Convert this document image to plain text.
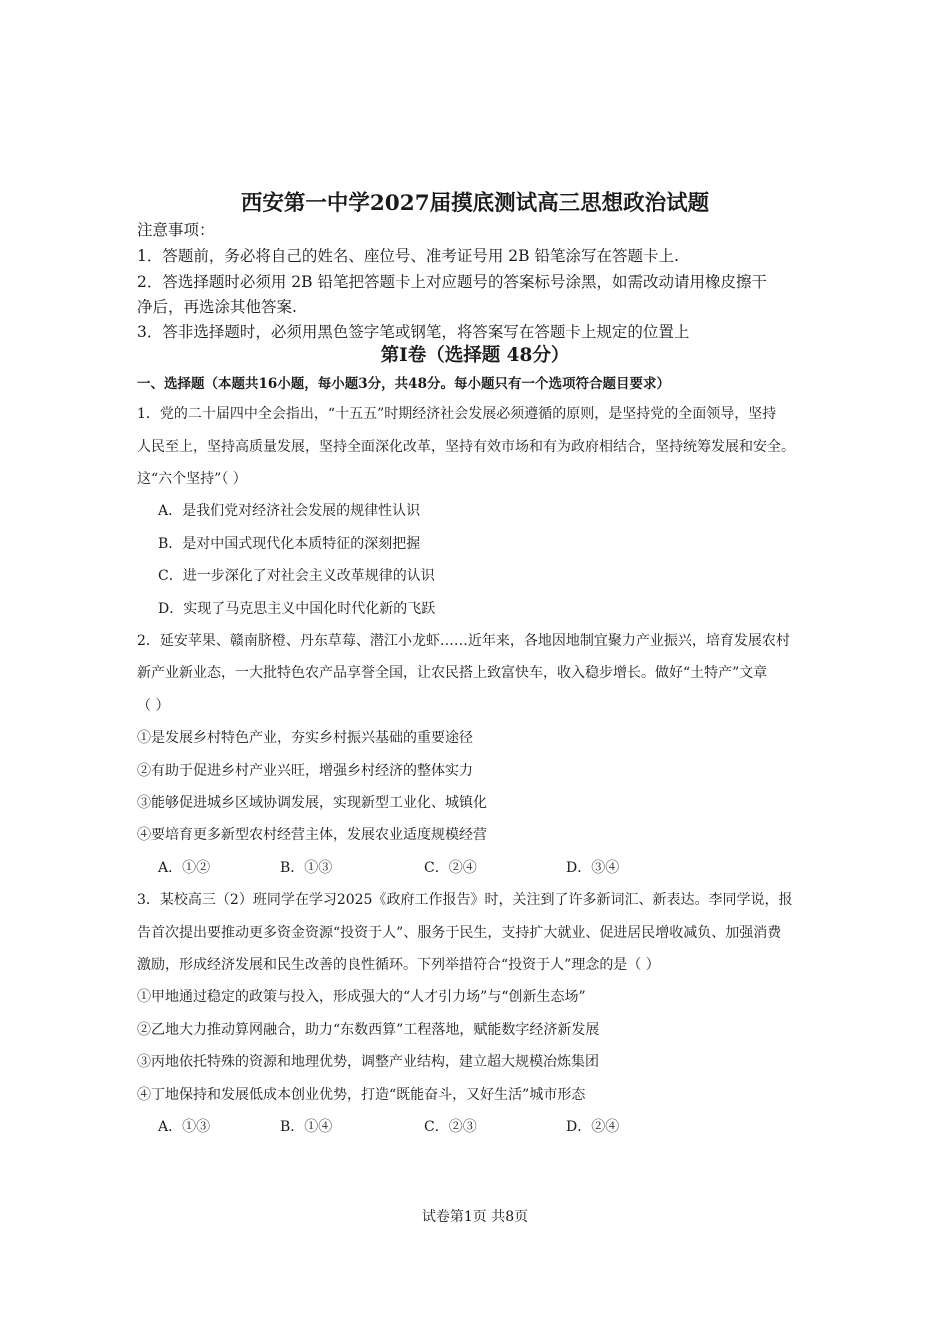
西安第一中学2027届摸底测试高三思想政治试题
注意事项：
1．答题前，务必将自己的姓名、座位号、准考证号用 2B 铅笔涂写在答题卡上.
2．答选择题时必须用 2B 铅笔把答题卡上对应题号的答案标号涂黑，如需改动请用橡皮擦干
净后，再选涂其他答案.
3．答非选择题时，必须用黑色签字笔或钢笔，将答案写在答题卡上规定的位置上
第Ⅰ卷（选择题 48分）
一、选择题（本题共16小题，每小题3分，共48分。每小题只有一个选项符合题目要求）
1．党的二十届四中全会指出，“十五五”时期经济社会发展必须遵循的原则，是坚持党的全面领导，坚持
人民至上，坚持高质量发展，坚持全面深化改革，坚持有效市场和有为政府相结合，坚持统筹发展和安全。
这“六个坚持”（ ）
A．是我们党对经济社会发展的规律性认识
B．是对中国式现代化本质特征的深刻把握
C．进一步深化了对社会主义改革规律的认识
D．实现了马克思主义中国化时代化新的飞跃
2．延安苹果、赣南脐橙、丹东草莓、潜江小龙虾……近年来，各地因地制宜聚力产业振兴，培育发展农村
新产业新业态，一大批特色农产品享誉全国，让农民搭上致富快车，收入稳步增长。做好“土特产”文章
（ ）
①是发展乡村特色产业，夯实乡村振兴基础的重要途径
②有助于促进乡村产业兴旺，增强乡村经济的整体实力
③能够促进城乡区域协调发展，实现新型工业化、城镇化
④要培育更多新型农村经营主体，发展农业适度规模经营
A．①②	B．①③	C．②④	D．③④
3．某校高三（2）班同学在学习2025《政府工作报告》时，关注到了许多新词汇、新表达。李同学说，报
告首次提出要推动更多资金资源“投资于人”、服务于民生，支持扩大就业、促进居民增收减负、加强消费
激励，形成经济发展和民生改善的良性循环。下列举措符合“投资于人”理念的是（ ）
①甲地通过稳定的政策与投入，形成强大的“人才引力场”与“创新生态场”
②乙地大力推动算网融合，助力“东数西算”工程落地，赋能数字经济新发展
③丙地依托特殊的资源和地理优势，调整产业结构，建立超大规模冶炼集团
④丁地保持和发展低成本创业优势，打造“既能奋斗，又好生活”城市形态
A．①③	B．①④	C．②③	D．②④
试卷第1页 共8页
